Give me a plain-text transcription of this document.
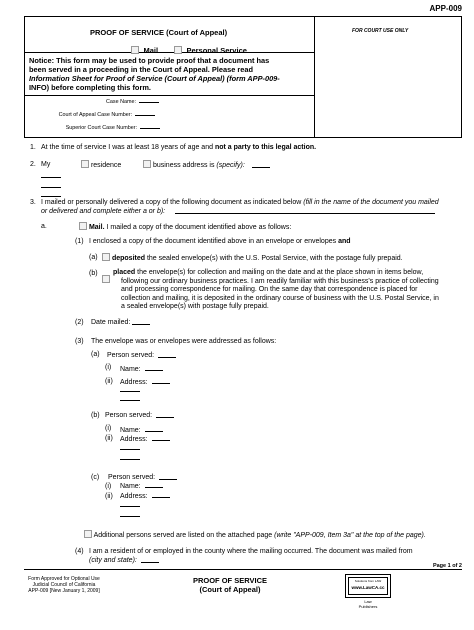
APP-009
PROOF OF SERVICE (Court of Appeal)
Mail	Personal Service
FOR COURT USE ONLY
Notice: This form may be used to provide proof that a document has
been served in a proceeding in the Court of Appeal. Please read
Information Sheet for Proof of Service (Court of Appeal) (form APP-009-
INFO) before completing this form.
Case Name:
Court of Appeal Case Number:
Superior Court Case Number:
1. At the time of service I was at least 18 years of age and not a party to this legal action.
2. My	residence	business address is (specify):
3. I mailed or personally delivered a copy of the following document as indicated below (fill in the name of the document you mailed
or delivered and complete either a or b):
a.	Mail. I mailed a copy of the document identified above as follows:
(1) I enclosed a copy of the document identified above in an envelope or envelopes and
(a)	deposited the sealed envelope(s) with the U.S. Postal Service, with the postage fully prepaid.
(b) placed the envelope(s) for collection and mailing on the date and at the place shown in items below,
following our ordinary business practices. I am readily familiar with this business's practice of collecting
and processing correspondence for mailing. On the same day that correspondence is placed for
collection and mailing, it is deposited in the ordinary course of business with the U.S. Postal Service, in
a sealed envelope(s) with postage fully prepaid.
(2) Date mailed:
(3) The envelope was or envelopes were addressed as follows:
(a) Person served:
(i) Name:
(ii) Address:
(b) Person served:
(i) Name:
(ii) Address:
(c) Person served:
(i) Name:
(ii) Address:
Additional persons served are listed on the attached page (write "APP-009, Item 3a" at the top of the page).
(4) I am a resident of or employed in the county where the mailing occurred. The document was mailed from
(city and state):
Page 1 of 2
Form Approved for Optional Use
Judicial Council of California
APP-009 [New January 1, 2009]
PROOF OF SERVICE
(Court of Appeal)
Solutions from LAW
www.LawCA.cc
Law
Publishers
